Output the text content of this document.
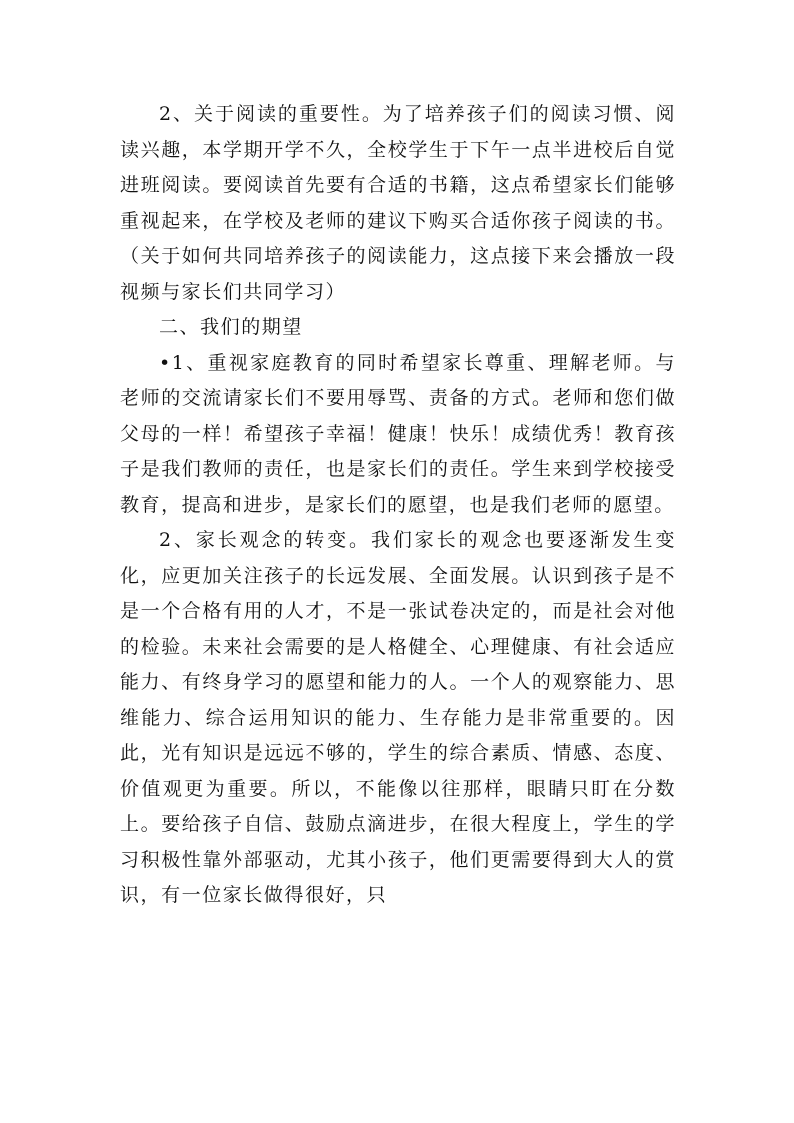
2、关于阅读的重要性。为了培养孩子们的阅读习惯、阅读兴趣，本学期开学不久，全校学生于下午一点半进校后自觉进班阅读。要阅读首先要有合适的书籍，这点希望家长们能够重视起来，在学校及老师的建议下购买合适你孩子阅读的书。（关于如何共同培养孩子的阅读能力，这点接下来会播放一段视频与家长们共同学习）

二、我们的期望

•1、重视家庭教育的同时希望家长尊重、理解老师。与老师的交流请家长们不要用辱骂、责备的方式。老师和您们做父母的一样！希望孩子幸福！健康！快乐！成绩优秀！教育孩子是我们教师的责任，也是家长们的责任。学生来到学校接受教育，提高和进步，是家长们的愿望，也是我们老师的愿望。

2、家长观念的转变。我们家长的观念也要逐渐发生变化，应更加关注孩子的长远发展、全面发展。认识到孩子是不是一个合格有用的人才，不是一张试卷决定的，而是社会对他的检验。未来社会需要的是人格健全、心理健康、有社会适应能力、有终身学习的愿望和能力的人。一个人的观察能力、思维能力、综合运用知识的能力、生存能力是非常重要的。因此，光有知识是远远不够的，学生的综合素质、情感、态度、价值观更为重要。所以，不能像以往那样，眼睛只盯在分数上。要给孩子自信、鼓励点滴进步，在很大程度上，学生的学习积极性靠外部驱动，尤其小孩子，他们更需要得到大人的赏识，有一位家长做得很好，只
